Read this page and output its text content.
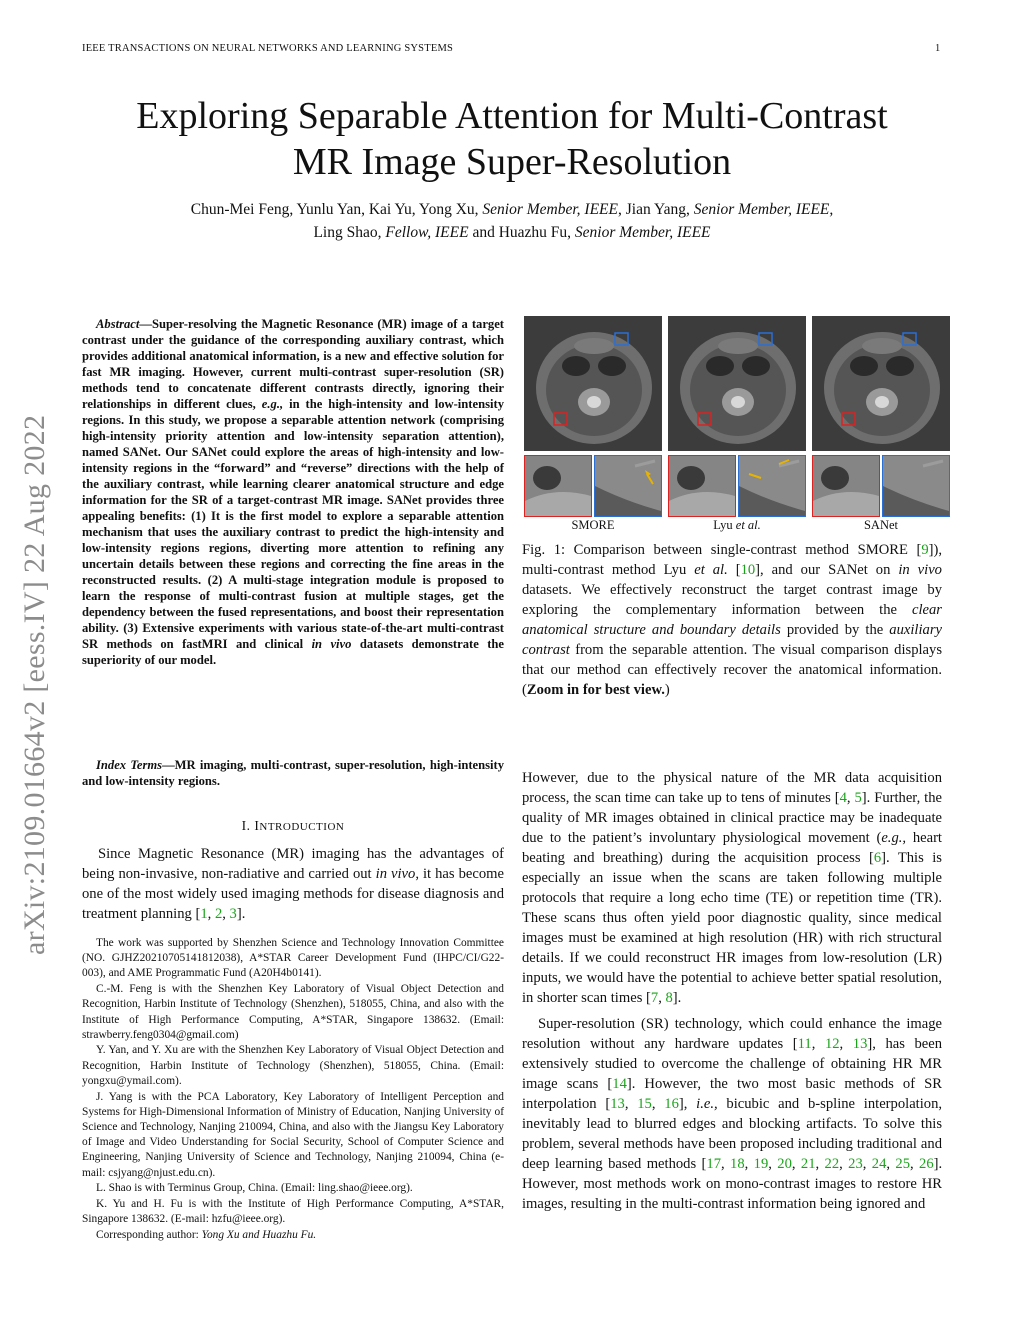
IEEE TRANSACTIONS ON NEURAL NETWORKS AND LEARNING SYSTEMS	1
Exploring Separable Attention for Multi-Contrast
MR Image Super-Resolution
Chun-Mei Feng, Yunlu Yan, Kai Yu, Yong Xu, Senior Member, IEEE, Jian Yang, Senior Member, IEEE,
Ling Shao, Fellow, IEEE and Huazhu Fu, Senior Member, IEEE
arXiv:2109.01664v2 [eess.IV] 22 Aug 2022
Abstract—Super-resolving the Magnetic Resonance (MR) image of a target contrast under the guidance of the corresponding auxiliary contrast, which provides additional anatomical information, is a new and effective solution for fast MR imaging. However, current multi-contrast super-resolution (SR) methods tend to concatenate different contrasts directly, ignoring their relationships in different clues, e.g., in the high-intensity and low-intensity regions. In this study, we propose a separable attention network (comprising high-intensity priority attention and low-intensity separation attention), named SANet. Our SANet could explore the areas of high-intensity and low-intensity regions in the “forward” and “reverse” directions with the help of the auxiliary contrast, while learning clearer anatomical structure and edge information for the SR of a target-contrast MR image. SANet provides three appealing benefits: (1) It is the first model to explore a separable attention mechanism that uses the auxiliary contrast to predict the high-intensity and low-intensity regions regions, diverting more attention to refining any uncertain details between these regions and correcting the fine areas in the reconstructed results. (2) A multi-stage integration module is proposed to learn the response of multi-contrast fusion at multiple stages, get the dependency between the fused representations, and boost their representation ability. (3) Extensive experiments with various state-of-the-art multi-contrast SR methods on fastMRI and clinical in vivo datasets demonstrate the superiority of our model.
Index Terms—MR imaging, multi-contrast, super-resolution, high-intensity and low-intensity regions.
I. INTRODUCTION
Since Magnetic Resonance (MR) imaging has the advantages of being non-invasive, non-radiative and carried out in vivo, it has become one of the most widely used imaging methods for disease diagnosis and treatment planning [1, 2, 3].

The work was supported by Shenzhen Science and Technology Innovation Committee (NO. GJHZ20210705141812038), A*STAR Career Development Fund (IHPC/CI/G22-003), and AME Programmatic Fund (A20H4b0141).

C.-M. Feng is with the Shenzhen Key Laboratory of Visual Object Detection and Recognition, Harbin Institute of Technology (Shenzhen), 518055, China, and also with the Institute of High Performance Computing, A*STAR, Singapore 138632. (Email: strawberry.feng0304@gmail.com)

Y. Yan, and Y. Xu are with the Shenzhen Key Laboratory of Visual Object Detection and Recognition, Harbin Institute of Technology (Shenzhen), 518055, China. (Email: yongxu@ymail.com).

J. Yang is with the PCA Laboratory, Key Laboratory of Intelligent Perception and Systems for High-Dimensional Information of Ministry of Education, Nanjing University of Science and Technology, Nanjing 210094, China, and also with the Jiangsu Key Laboratory of Image and Video Understanding for Social Security, School of Computer Science and Engineering, Nanjing University of Science and Technology, Nanjing 210094, China (e-mail: csjyang@njust.edu.cn).

L. Shao is with Terminus Group, China. (Email: ling.shao@ieee.org).

K. Yu and H. Fu is with the Institute of High Performance Computing, A*STAR, Singapore 138632. (E-mail: hzfu@ieee.org).

Corresponding author: Yong Xu and Huazhu Fu.

SMORE	Lyu et al.	SANet
Fig. 1: Comparison between single-contrast method SMORE [9]), multi-contrast method Lyu et al. [10], and our SANet on in vivo datasets. We effectively reconstruct the target contrast image by exploring the complementary information between the clear anatomical structure and boundary details provided by the auxiliary contrast from the separable attention. The visual comparison displays that our method can effectively recover the anatomical information. (Zoom in for best view.)

However, due to the physical nature of the MR data acquisition process, the scan time can take up to tens of minutes [4, 5]. Further, the quality of MR images obtained in clinical practice may be inadequate due to the patient’s involuntary physiological movement (e.g., heart beating and breathing) during the acquisition process [6]. This is especially an issue when the scans are taken following multiple protocols that require a long echo time (TE) or repetition time (TR). These scans thus often yield poor diagnostic quality, since medical images must be examined at high resolution (HR) with rich structural details. If we could reconstruct HR images from low-resolution (LR) inputs, we would have the potential to achieve better spatial resolution, in shorter scan times [7, 8].

Super-resolution (SR) technology, which could enhance the image resolution without any hardware updates [11, 12, 13], has been extensively studied to overcome the challenge of obtaining HR MR image scans [14]. However, the two most basic methods of SR interpolation [13, 15, 16], i.e., bicubic and b-spline interpolation, inevitably lead to blurred edges and blocking artifacts. To solve this problem, several methods have been proposed including traditional and deep learning based methods [17, 18, 19, 20, 21, 22, 23, 24, 25, 26]. However, most methods work on mono-contrast images to restore HR images, resulting in the multi-contrast information being ignored and
